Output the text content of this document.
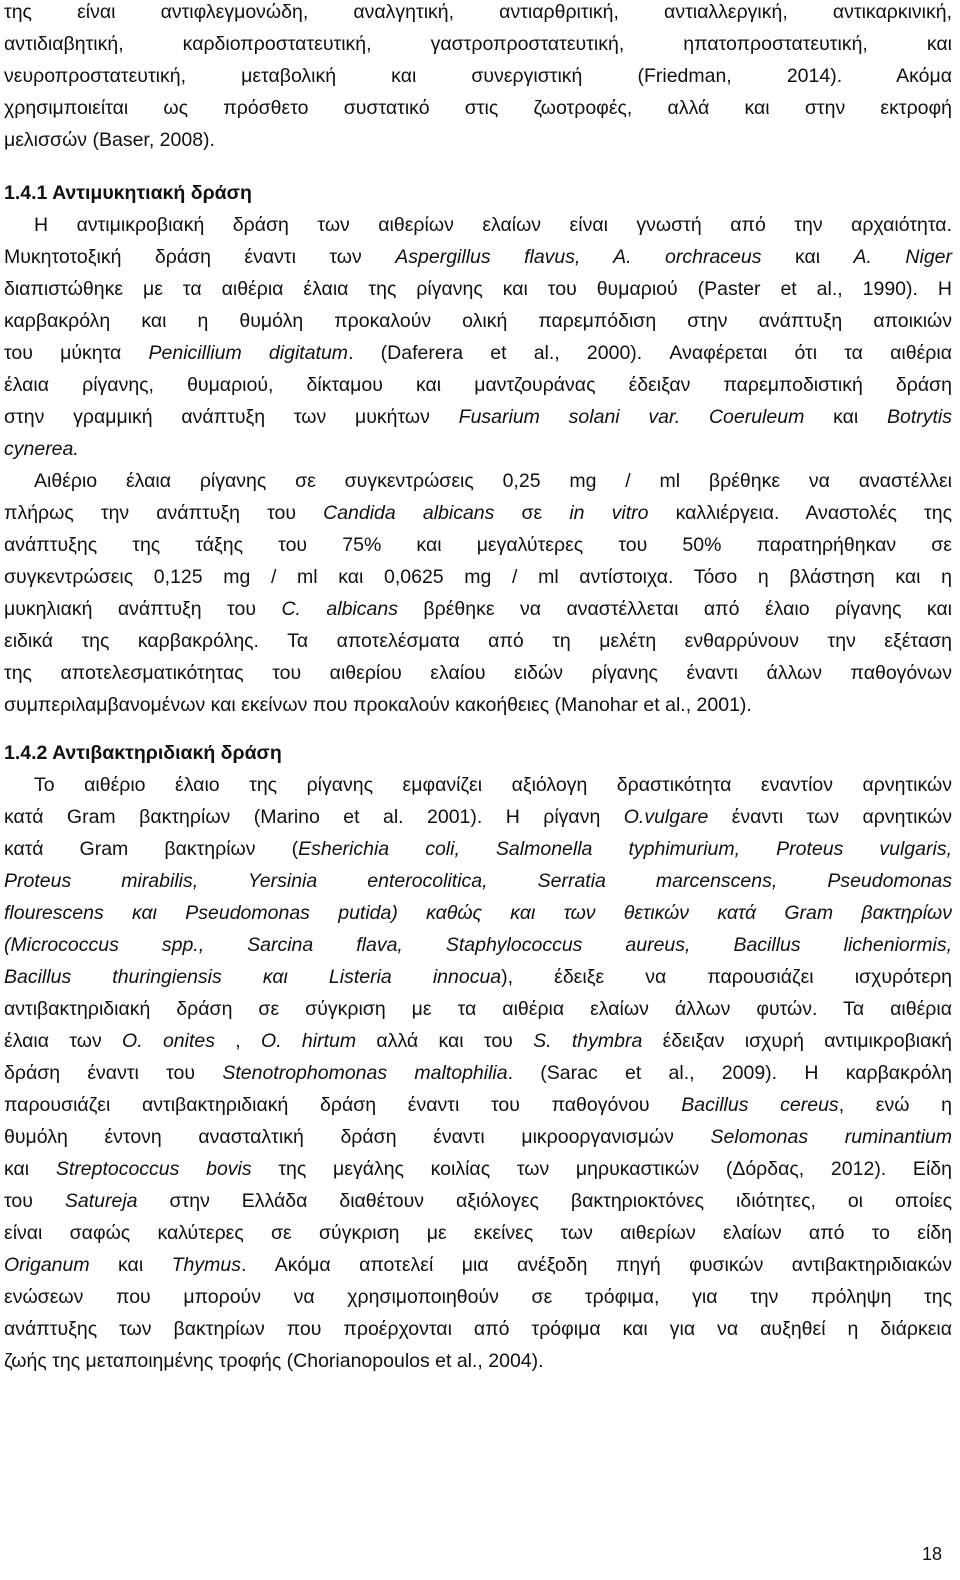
της είναι αντιφλεγμονώδη, αναλγητική, αντιαρθριτική, αντιαλλεργική, αντικαρκινική,
αντιδιαβητική, καρδιοπροστατευτική, γαστροπροστατευτική, ηπατοπροστατευτική, και
νευροπροστατευτική, μεταβολική και συνεργιστική (Friedman, 2014). Ακόμα
χρησιμποιείται ως πρόσθετο συστατικό στις ζωοτροφές, αλλά και στην εκτροφή
μελισσών (Baser, 2008).
1.4.1 Αντιμυκητιακή δράση
Η αντιμικροβιακή δράση των αιθερίων ελαίων είναι γνωστή από την αρχαιότητα.
Μυκητοτοξική δράση έναντι των Aspergillus flavus, A. orchraceus και A. Niger
διαπιστώθηκε με τα αιθέρια έλαια της ρίγανης και του θυμαριού (Paster et al., 1990). Η
καρβακρόλη και η θυμόλη προκαλούν ολική παρεμπόδιση στην ανάπτυξη αποικιών
του μύκητα Penicillium digitatum. (Daferera et al., 2000). Αναφέρεται ότι τα αιθέρια
έλαια ρίγανης, θυμαριού, δίκταμου και μαντζουράνας έδειξαν παρεμποδιστική δράση
στην γραμμική ανάπτυξη των μυκήτων Fusarium solani var. Coeruleum και Botrytis
cynerea.
Αιθέριο έλαια ρίγανης σε συγκεντρώσεις 0,25 mg / ml βρέθηκε να αναστέλλει
πλήρως την ανάπτυξη του Candida albicans σε in vitro καλλιέργεια. Αναστολές της
ανάπτυξης της τάξης του 75% και μεγαλύτερες του 50% παρατηρήθηκαν σε
συγκεντρώσεις 0,125 mg / ml και 0,0625 mg / ml αντίστοιχα. Τόσο η βλάστηση και η
μυκηλιακή ανάπτυξη του C. albicans βρέθηκε να αναστέλλεται από έλαιο ρίγανης και
ειδικά της καρβακρόλης. Τα αποτελέσματα από τη μελέτη ενθαρρύνουν την εξέταση
της αποτελεσματικότητας του αιθερίου ελαίου ειδών ρίγανης έναντι άλλων παθογόνων
συμπεριλαμβανομένων και εκείνων που προκαλούν κακοήθειες (Manohar et al., 2001).
1.4.2 Αντιβακτηριδιακή δράση
Το αιθέριο έλαιο της ρίγανης εμφανίζει αξιόλογη δραστικότητα εναντίον αρνητικών
κατά Gram βακτηρίων (Marino et al. 2001). Η ρίγανη O.vulgare έναντι των αρνητικών
κατά Gram βακτηρίων (Esherichia coli, Salmonella typhimurium, Proteus vulgaris,
Proteus mirabilis, Yersinia enterocolitica, Serratia marcenscens, Pseudomonas
flourescens και Pseudomonas putida) καθώς και των θετικών κατά Gram βακτηρίων
(Micrococcus spp., Sarcina flava, Staphylococcus aureus, Bacillus licheniormis,
Bacillus thuringiensis και Listeria innocua), έδειξε να παρουσιάζει ισχυρότερη
αντιβακτηριδιακή δράση σε σύγκριση με τα αιθέρια ελαίων άλλων φυτών. Τα αιθέρια
έλαια των O. onites , O. hirtum αλλά και του S. thymbra έδειξαν ισχυρή αντιμικροβιακή
δράση έναντι του Stenotrophomonas maltophilia. (Sarac et al., 2009). Η καρβακρόλη
παρουσιάζει αντιβακτηριδιακή δράση έναντι του παθογόνου Bacillus cereus, ενώ η
θυμόλη έντονη ανασταλτική δράση έναντι μικροοργανισμών Selomonas ruminantium
και Streptococcus bovis της μεγάλης κοιλίας των μηρυκαστικών (Δόρδας, 2012). Είδη
του Satureja στην Ελλάδα διαθέτουν αξιόλογες βακτηριοκτόνες ιδιότητες, οι οποίες
είναι σαφώς καλύτερες σε σύγκριση με εκείνες των αιθερίων ελαίων από το είδη
Origanum και Thymus. Ακόμα αποτελεί μια ανέξοδη πηγή φυσικών αντιβακτηριδιακών
ενώσεων που μπορούν να χρησιμοποιηθούν σε τρόφιμα, για την πρόληψη της
ανάπτυξης των βακτηρίων που προέρχονται από τρόφιμα και για να αυξηθεί η διάρκεια
ζωής της μεταποιημένης τροφής (Chorianopoulos et al., 2004).
18
